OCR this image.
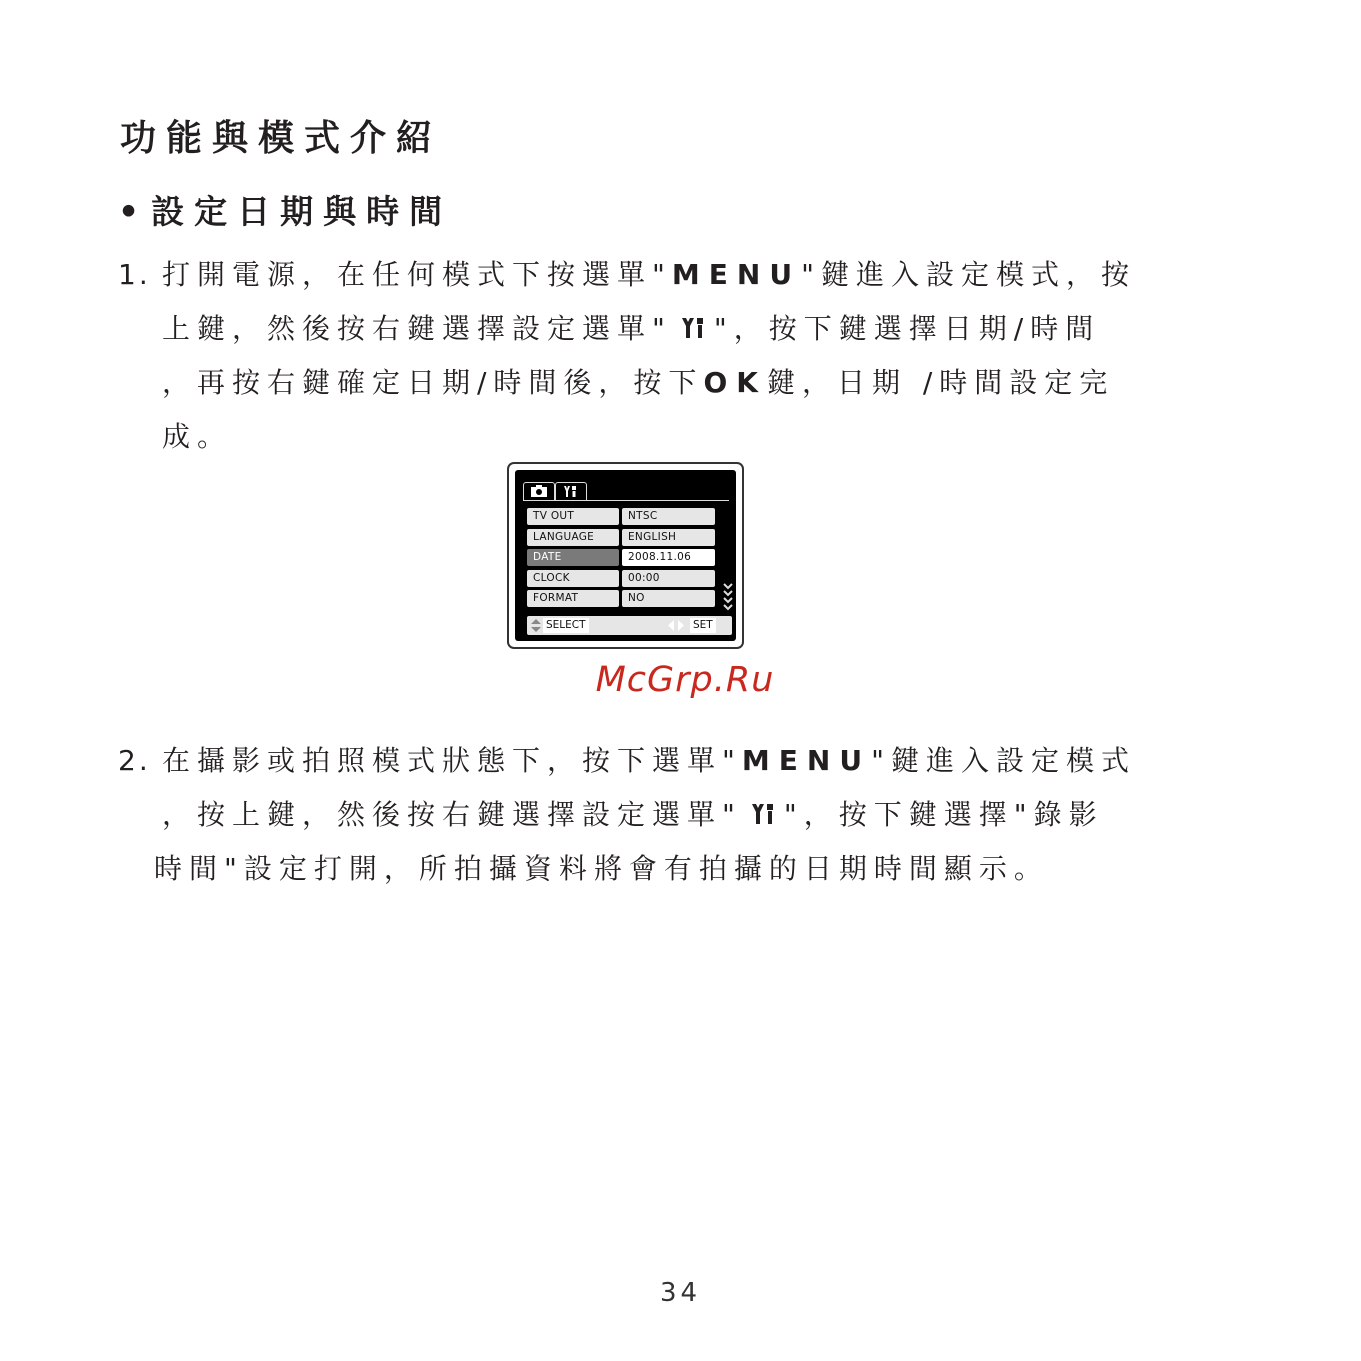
功能與模式介紹
• 設定日期與時間
1. 打開電源，在任何模式下按選單"MENU"鍵進入設定模式，按
上鍵，然後按右鍵選擇設定選單" "，按下鍵選擇日期/時間
，再按右鍵確定日期/時間後，按下OK鍵，日期 /時間設定完
成。
TV OUT	NTSC
LANGUAGE	ENGLISH
DATE	2008.11.06
CLOCK	00:00
FORMAT	NO
SELECT	SET
McGrp.Ru
2. 在攝影或拍照模式狀態下，按下選單"MENU"鍵進入設定模式
，按上鍵，然後按右鍵選擇設定選單" "，按下鍵選擇"錄影
時間"設定打開，所拍攝資料將會有拍攝的日期時間顯示。
34
